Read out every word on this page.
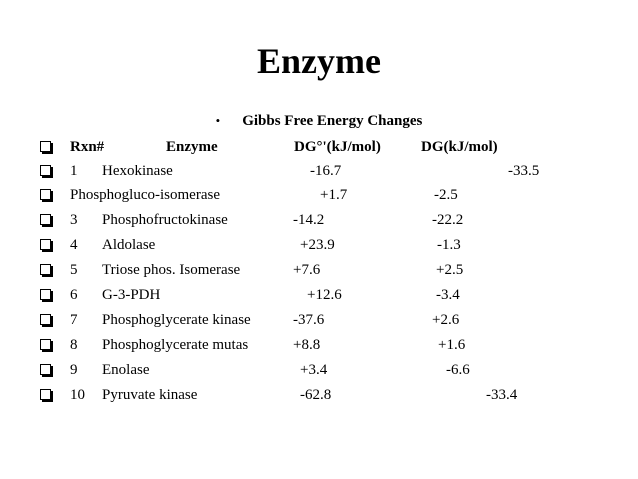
Enzyme
• Gibbs Free Energy Changes
Rxn#	Enzyme	DG°'(kJ/mol)	DG(kJ/mol)
1 Hexokinase	-16.7	-33.5
Phosphogluco-isomerase	+1.7	-2.5
3 Phosphofructokinase	-14.2	-22.2
4 Aldolase	+23.9	-1.3
5 Triose phos. Isomerase	+7.6	+2.5
6 G-3-PDH	+12.6	-3.4
7 Phosphoglycerate kinase	-37.6	+2.6
8 Phosphoglycerate mutas	+8.8	+1.6
9 Enolase	+3.4	-6.6
10 Pyruvate kinase	-62.8	-33.4
